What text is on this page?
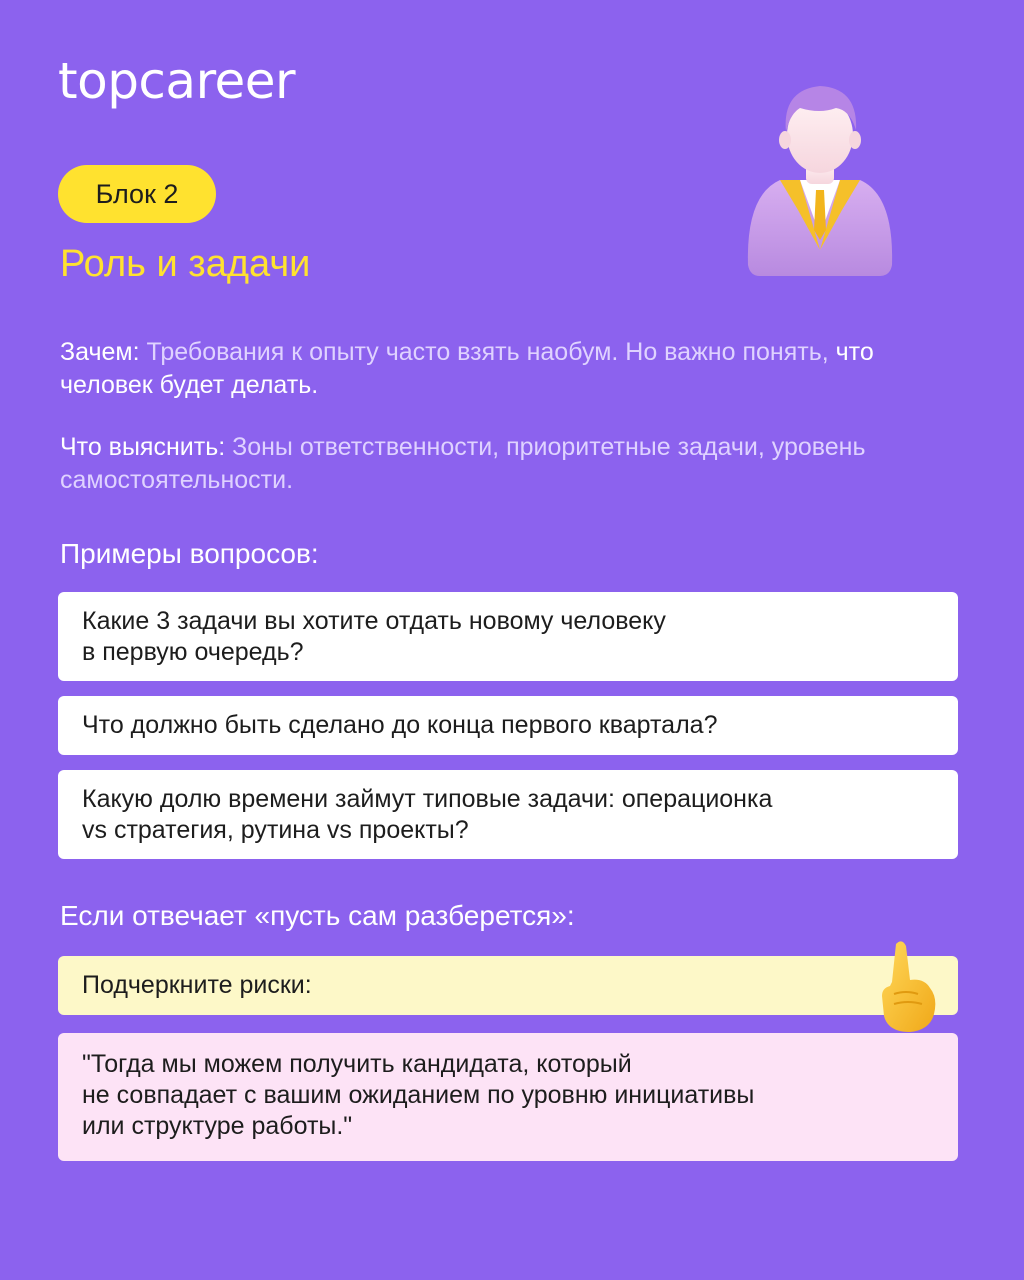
topcareer
Блок 2
Роль и задачи
Зачем: Требования к опыту часто взять наобум. Но важно понять, что человек будет делать.
Что выяснить: Зоны ответственности, приоритетные задачи, уровень самостоятельности.
Примеры вопросов:
Какие 3 задачи вы хотите отдать новому человеку
в первую очередь?
Что должно быть сделано до конца первого квартала?
Какую долю времени займут типовые задачи: операционка
vs стратегия, рутина vs проекты?
Если отвечает «пусть сам разберется»:
Подчеркните риски:
"Тогда мы можем получить кандидата, который
не совпадает с вашим ожиданием по уровню инициативы
или структуре работы."
